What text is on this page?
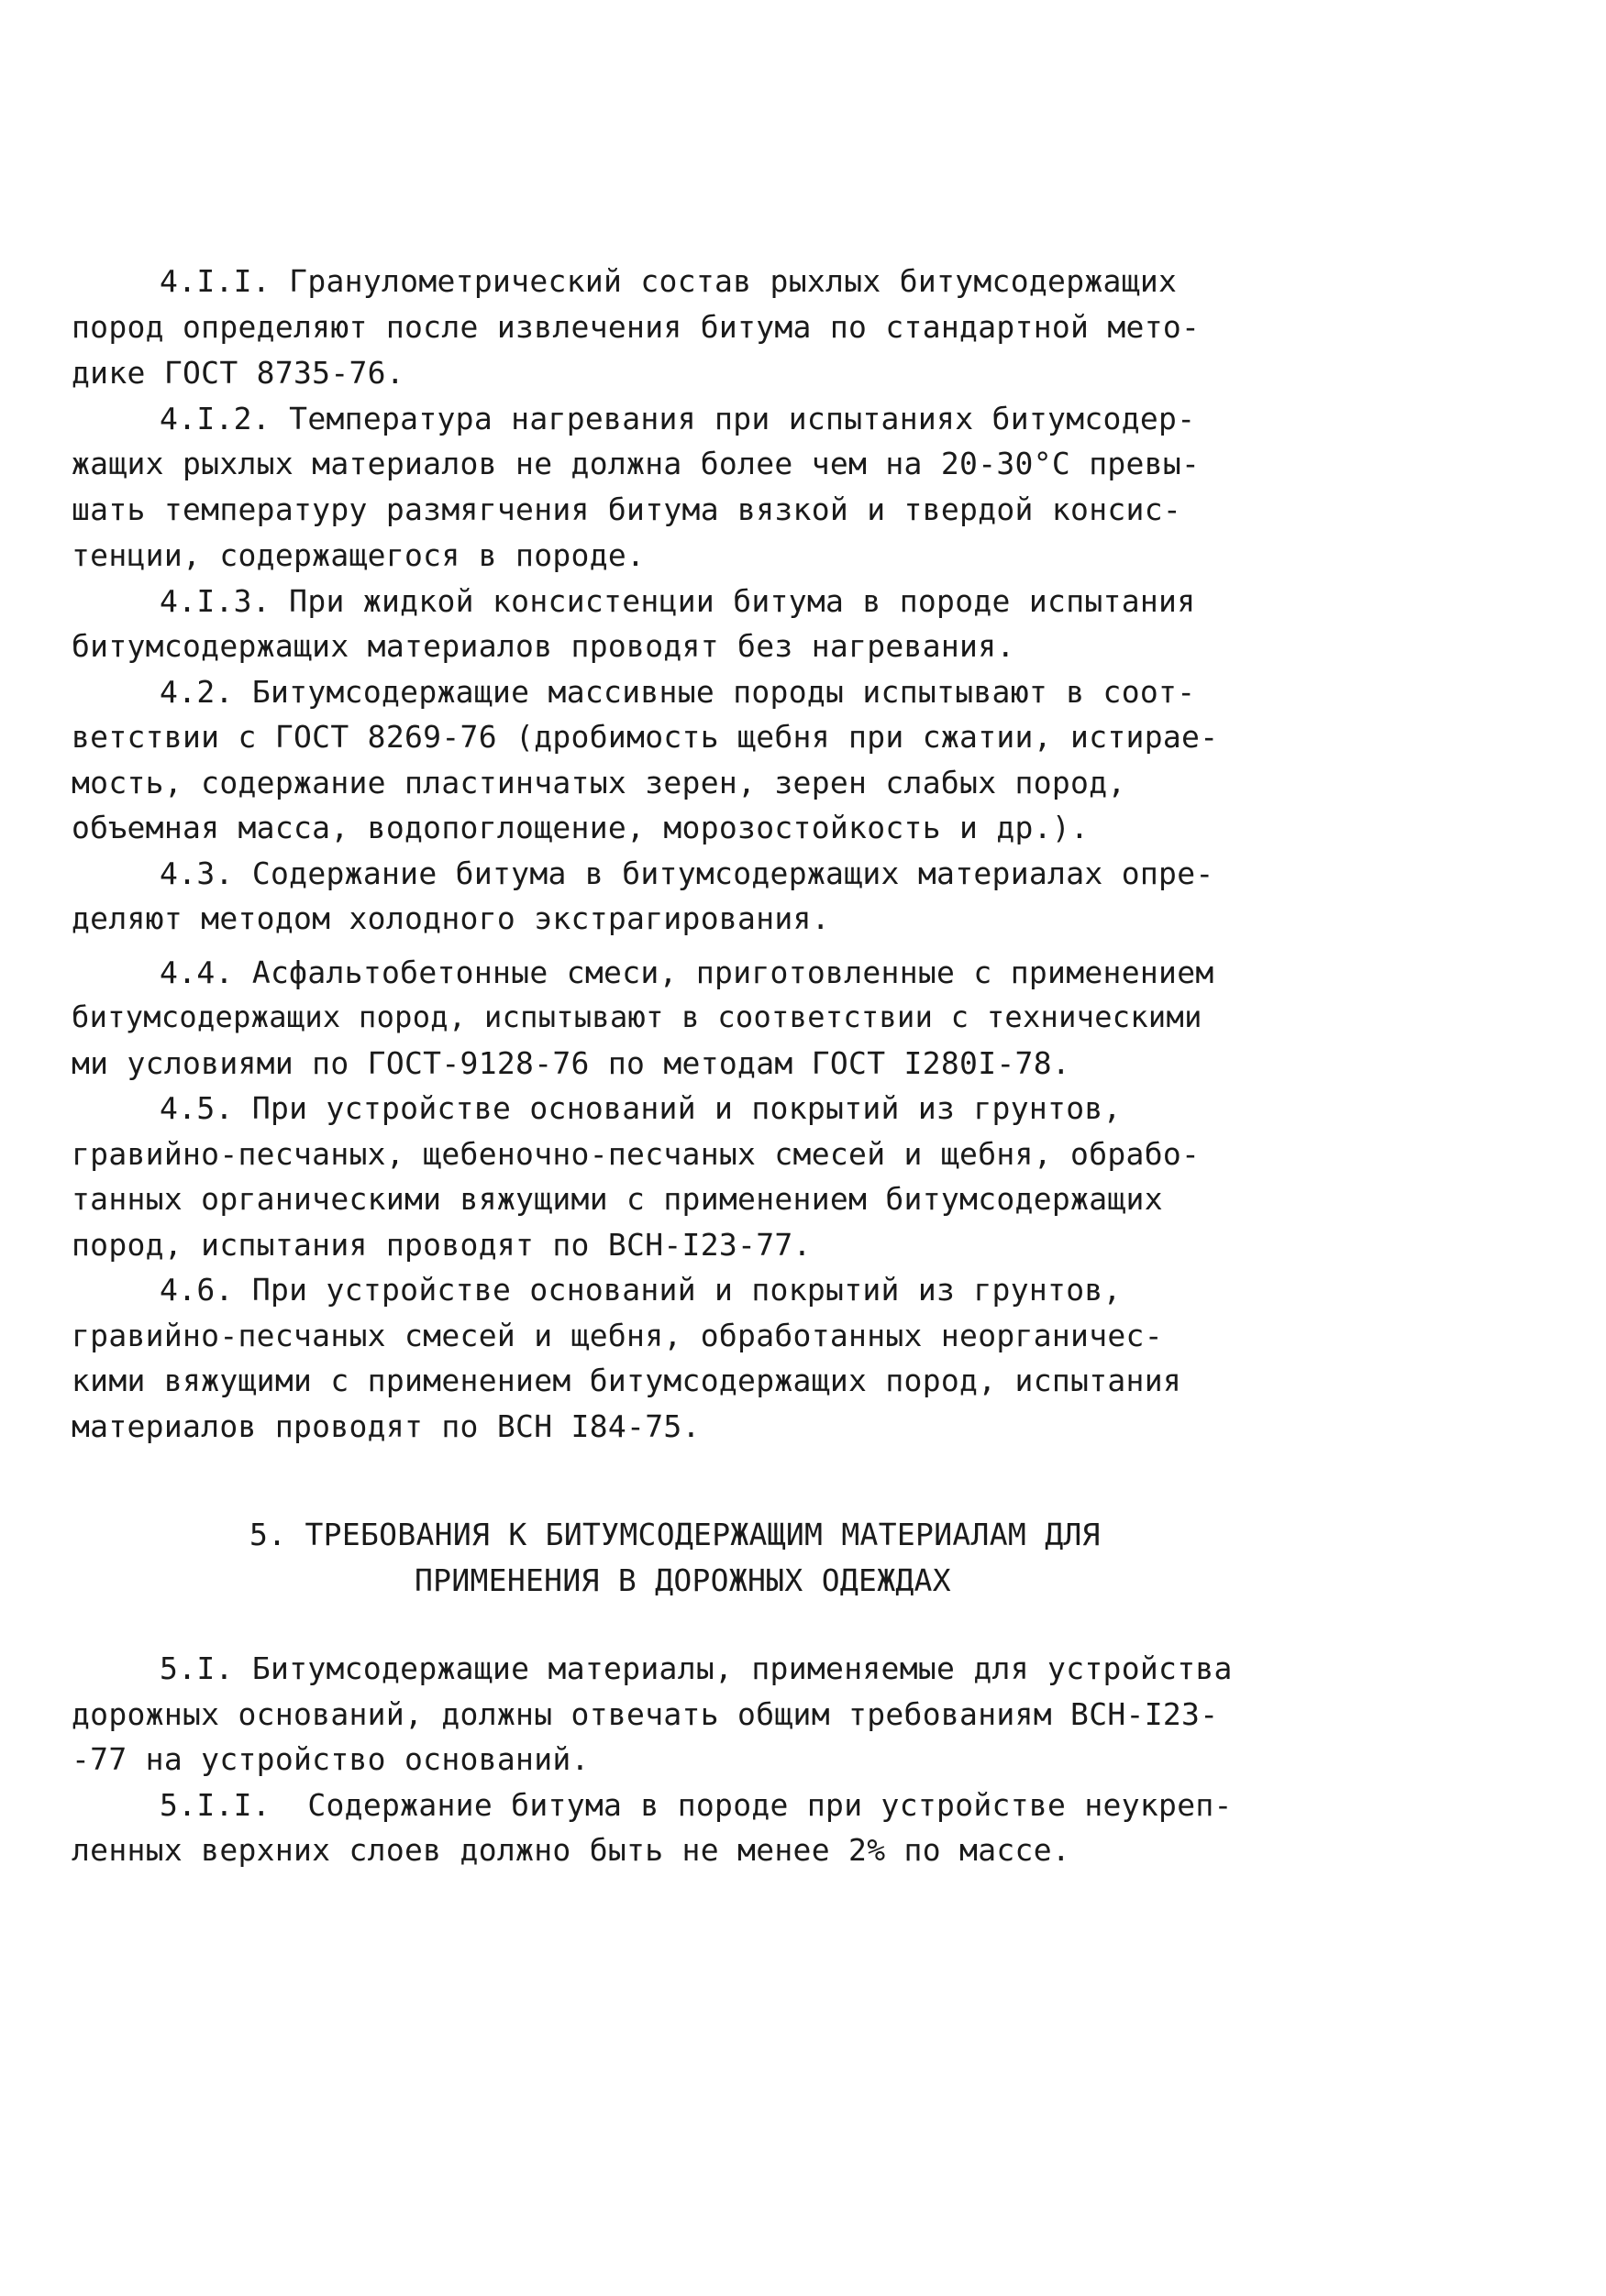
4.I.I. Гранулометрический состав рыхлых битумсодержащих
пород определяют после извлечения битума по стандартной мето-
дике ГОСТ 8735-76.
4.I.2. Температура нагревания при испытаниях битумсодер-
жащих рыхлых материалов не должна более чем на 20-30°С превы-
шать температуру размягчения битума вязкой и твердой консис-
тенции, содержащегося в породе.
4.I.3. При жидкой консистенции битума в породе испытания
битумсодержащих материалов проводят без нагревания.
4.2. Битумсодержащие массивные породы испытывают в соот-
ветствии с ГОСТ 8269-76 (дробимость щебня при сжатии, истирае-
мость, содержание пластинчатых зерен, зерен слабых пород,
объемная масса, водопоглощение, морозостойкость и др.).
4.3. Содержание битума в битумсодержащих материалах опре-
деляют методом холодного экстрагирования.
4.4. Асфальтобетонные смеси, приготовленные с применением
битумсодержащих пород, испытывают в соответствии с техническими
ми условиями по ГОСТ-9128-76 по методам ГОСТ I280I-78.
4.5. При устройстве оснований и покрытий из грунтов,
гравийно-песчаных, щебеночно-песчаных смесей и щебня, обрабо-
танных органическими вяжущими с применением битумсодержащих
пород, испытания проводят по ВСН-I23-77.
4.6. При устройстве оснований и покрытий из грунтов,
гравийно-песчаных смесей и щебня, обработанных неорганичес-
кими вяжущими с применением битумсодержащих пород, испытания
материалов проводят по ВСН I84-75.
5. ТРЕБОВАНИЯ К БИТУМСОДЕРЖАЩИМ МАТЕРИАЛАМ ДЛЯ
ПРИМЕНЕНИЯ В ДОРОЖНЫХ ОДЕЖДАХ
5.I. Битумсодержащие материалы, применяемые для устройства
дорожных оснований, должны отвечать общим требованиям ВСН-I23-
-77 на устройство оснований.
5.I.I.  Содержание битума в породе при устройстве неукреп-
ленных верхних слоев должно быть не менее 2% по массе.
